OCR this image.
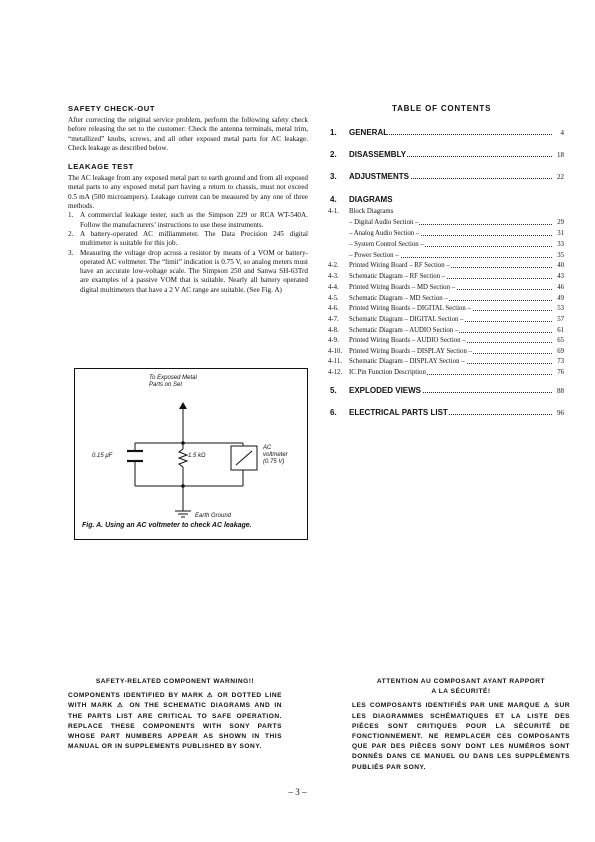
SAFETY CHECK-OUT

After correcting the original service problem, perform the following safety check before releasing the set to the customer: Check the antenna terminals, metal trim, “metallized” knobs, screws, and all other exposed metal parts for AC leakage. Check leakage as described below.

LEAKAGE TEST

The AC leakage from any exposed metal part to earth ground and from all exposed metal parts to any exposed metal part having a return to chassis, must not exceed 0.5 mA (500 microampers). Leakage current can be measured by any one of three methods.

1. A commercial leakage tester, such as the Simpson 229 or RCA WT-540A. Follow the manufacturers’ instructions to use these instruments.
2. A battery-operated AC milliammeter. The Data Precision 245 digital multimeter is suitable for this job.
3. Measuring the voltage drop across a resistor by means of a VOM or battery-operated AC voltmeter. The “limit” indication is 0.75 V, so analog meters must have an accurate low-voltage scale. The Simpson 250 and Sanwa SH-63Trd are examples of a passive VOM that is suitable. Nearly all battery operated digital multimeters that have a 2 V AC range are suitable. (See Fig. A)
To Exposed Metal
Parts on Set
0.15 μF	1.5 kΩ
AC
voltmeter
(0.75 V)
Earth Ground
Fig. A. Using an AC voltmeter to check AC leakage.
TABLE OF CONTENTS
1. GENERAL	4
2. DISASSEMBLY	18
3. ADJUSTMENTS	22
4. DIAGRAMS
4-1. Block Diagrams
– Digital Audio Section –	29
– Analog Audio Section –	31
– System Control Section –	33
– Power Section –	35
4-2. Printed Wiring Board – RF Section –	40
4-3. Schematic Diagram – RF Section –	43
4-4. Printed Wiring Boards – MD Section –	46
4-5. Schematic Diagram – MD Section –	49
4-6. Printed Wiring Boards – DIGITAL Section –	53
4-7. Schematic Diagram – DIGITAL Section –	57
4-8. Schematic Diagram – AUDIO Section –	61
4-9. Printed Wiring Boards – AUDIO Section –	65
4-10. Printed Wiring Boards – DISPLAY Section –	69
4-11. Schematic Diagram – DISPLAY Section –	73
4-12. IC Pin Function Description	76
5. EXPLODED VIEWS	88
6. ELECTRICAL PARTS LIST	96
SAFETY-RELATED COMPONENT WARNING!!
COMPONENTS IDENTIFIED BY MARK ⚠ OR DOTTED LINE WITH MARK ⚠ ON THE SCHEMATIC DIAGRAMS AND IN THE PARTS LIST ARE CRITICAL TO SAFE OPERATION. REPLACE THESE COMPONENTS WITH SONY PARTS WHOSE PART NUMBERS APPEAR AS SHOWN IN THIS MANUAL OR IN SUPPLEMENTS PUBLISHED BY SONY.
ATTENTION AU COMPOSANT AYANT RAPPORT
A LA SÉCURITÉ!
LES COMPOSANTS IDENTIFIÉS PAR UNE MARQUE ⚠ SUR LES DIAGRAMMES SCHÉMATIQUES ET LA LISTE DES PIÈCES SONT CRITIQUES POUR LA SÉCURITÉ DE FONCTIONNEMENT. NE REMPLACER CES COMPOSANTS QUE PAR DES PIÈCES SONY DONT LES NUMÉROS SONT DONNÉS DANS CE MANUEL OU DANS LES SUPPLÉMENTS PUBLIÉS PAR SONY.
– 3 –
